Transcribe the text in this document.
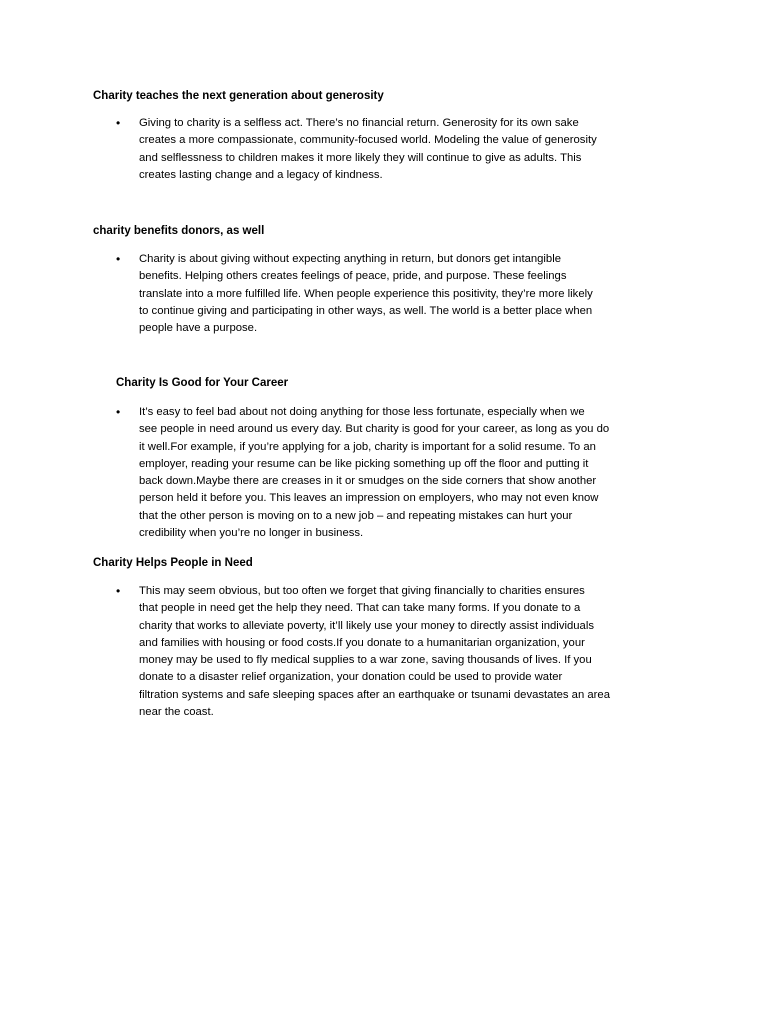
Charity teaches the next generation about generosity
• Giving to charity is a selfless act. There’s no financial return. Generosity for its own sake
creates a more compassionate, community-focused world. Modeling the value of generosity
and selflessness to children makes it more likely they will continue to give as adults. This
creates lasting change and a legacy of kindness.
charity benefits donors, as well
• Charity is about giving without expecting anything in return, but donors get intangible
benefits. Helping others creates feelings of peace, pride, and purpose. These feelings
translate into a more fulfilled life. When people experience this positivity, they’re more likely
to continue giving and participating in other ways, as well. The world is a better place when
people have a purpose.
Charity Is Good for Your Career
• It’s easy to feel bad about not doing anything for those less fortunate, especially when we
see people in need around us every day. But charity is good for your career, as long as you do
it well.For example, if you’re applying for a job, charity is important for a solid resume. To an
employer, reading your resume can be like picking something up off the floor and putting it
back down.Maybe there are creases in it or smudges on the side corners that show another
person held it before you. This leaves an impression on employers, who may not even know
that the other person is moving on to a new job – and repeating mistakes can hurt your
credibility when you’re no longer in business.
Charity Helps People in Need
• This may seem obvious, but too often we forget that giving financially to charities ensures
that people in need get the help they need. That can take many forms. If you donate to a
charity that works to alleviate poverty, it’ll likely use your money to directly assist individuals
and families with housing or food costs.If you donate to a humanitarian organization, your
money may be used to fly medical supplies to a war zone, saving thousands of lives. If you
donate to a disaster relief organization, your donation could be used to provide water
filtration systems and safe sleeping spaces after an earthquake or tsunami devastates an area
near the coast.
